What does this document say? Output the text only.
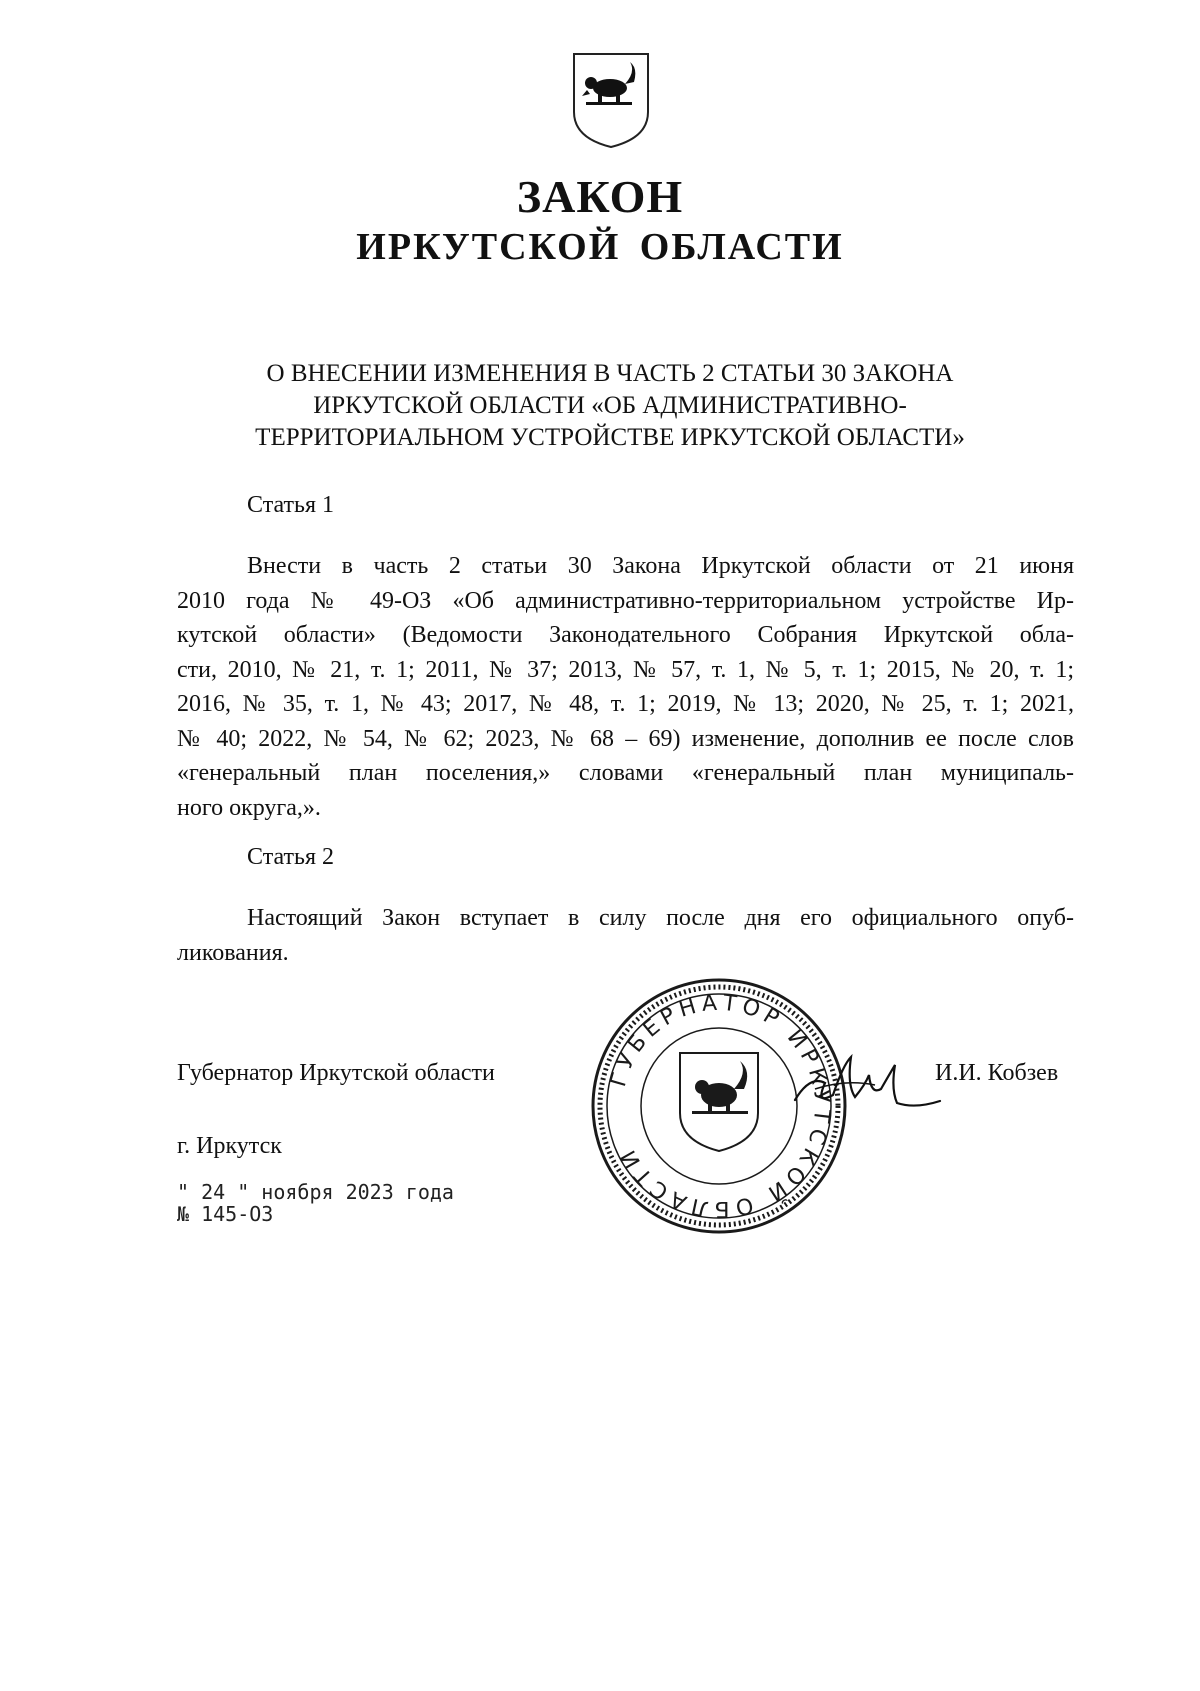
ЗАКОН
ИРКУТСКОЙ ОБЛАСТИ
О ВНЕСЕНИИ ИЗМЕНЕНИЯ В ЧАСТЬ 2 СТАТЬИ 30 ЗАКОНА
ИРКУТСКОЙ ОБЛАСТИ «ОБ АДМИНИСТРАТИВНО-
ТЕРРИТОРИАЛЬНОМ УСТРОЙСТВЕ ИРКУТСКОЙ ОБЛАСТИ»
Статья 1
Внести в часть 2 статьи 30 Закона Иркутской области от 21 июня
2010 года № 49-ОЗ «Об административно-территориальном устройстве Ир-
кутской области» (Ведомости Законодательного Собрания Иркутской обла-
сти, 2010, № 21, т. 1; 2011, № 37; 2013, № 57, т. 1, № 5, т. 1; 2015, № 20, т. 1;
2016, № 35, т. 1, № 43; 2017, № 48, т. 1; 2019, № 13; 2020, № 25, т. 1; 2021,
№ 40; 2022, № 54, № 62; 2023, № 68 – 69) изменение, дополнив ее после слов
«генеральный план поселения,» словами «генеральный план муниципаль-
ного округа,».
Статья 2
Настоящий Закон вступает в силу после дня его официального опуб-
ликования.
Губернатор Иркутской области	И.И. Кобзев
г. Иркутск
" 24 " ноября 2023 года
№ 145-ОЗ
ГУБЕРНАТОР ИРКУТСКОЙ ОБЛАСТИ
